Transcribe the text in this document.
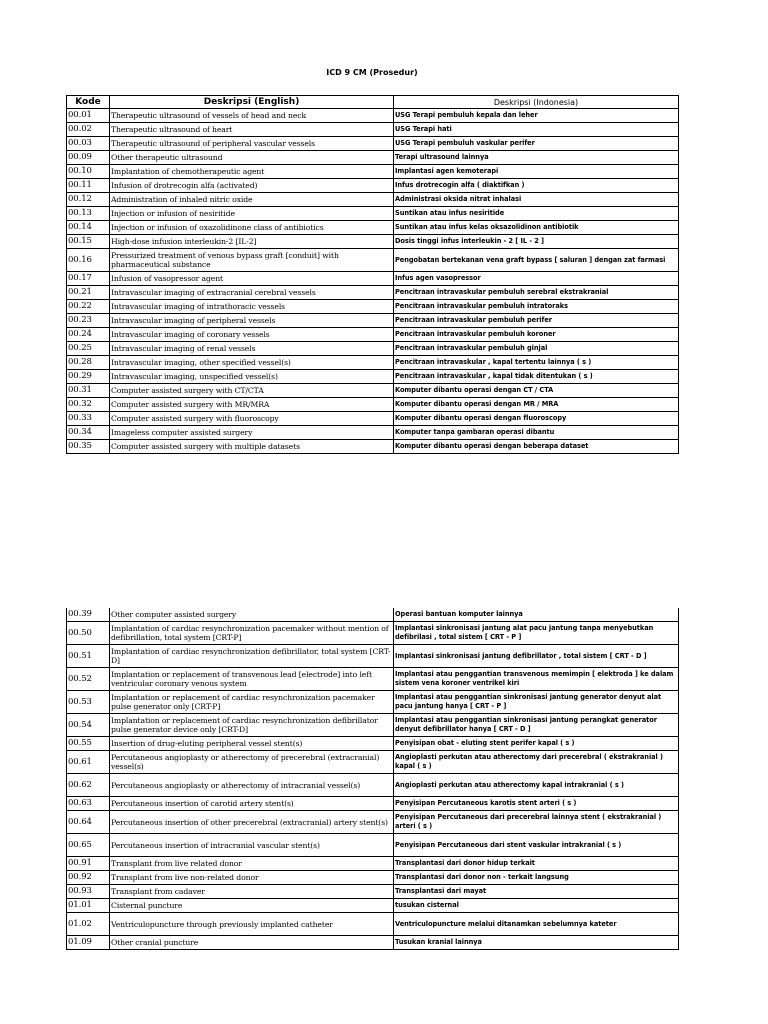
ICD 9 CM (Prosedur)
Kode	Deskripsi (English)	Deskripsi (Indonesia)
00.01	Therapeutic ultrasound of vessels of head and neck	USG Terapi pembuluh kepala dan leher
00.02	Therapeutic ultrasound of heart	USG Terapi hati
00.03	Therapeutic ultrasound of peripheral vascular vessels	USG Terapi pembuluh vaskular perifer
00.09	Other therapeutic ultrasound	Terapi ultrasound lainnya
00.10	Implantation of chemotherapeutic agent	Implantasi agen kemoterapi
00.11	Infusion of drotrecogin alfa (activated)	Infus drotrecogin alfa ( diaktifkan )
00.12	Administration of inhaled nitric oxide	Administrasi oksida nitrat inhalasi
00.13	Injection or infusion of nesiritide	Suntikan atau infus nesiritide
00.14	Injection or infusion of oxazolidinone class of antibiotics	Suntikan atau infus kelas oksazolidinon antibiotik
00.15	High-dose infusion interleukin-2 [IL-2]	Dosis tinggi infus interleukin - 2 [ IL - 2 ]
00.16	Pressurized treatment of venous bypass graft [conduit] with pharmaceutical substance	Pengobatan bertekanan vena graft bypass [ saluran ] dengan zat farmasi
00.17	Infusion of vasopressor agent	Infus agen vasopressor
00.21	Intravascular imaging of extracranial cerebral vessels	Pencitraan intravaskular pembuluh serebral ekstrakranial
00.22	Intravascular imaging of intrathoracic vessels	Pencitraan intravaskular pembuluh intratoraks
00.23	Intravascular imaging of peripheral vessels	Pencitraan intravaskular pembuluh perifer
00.24	Intravascular imaging of coronary vessels	Pencitraan intravaskular pembuluh koroner
00.25	Intravascular imaging of renal vessels	Pencitraan intravaskular pembuluh ginjal
00.28	Intravascular imaging, other specified vessel(s)	Pencitraan intravaskular , kapal tertentu lainnya ( s )
00.29	Intravascular imaging, unspecified vessel(s)	Pencitraan intravaskular , kapal tidak ditentukan ( s )
00.31	Computer assisted surgery with CT/CTA	Komputer dibantu operasi dengan CT / CTA
00.32	Computer assisted surgery with MR/MRA	Komputer dibantu operasi dengan MR / MRA
00.33	Computer assisted surgery with fluoroscopy	Komputer dibantu operasi dengan fluoroscopy
00.34	Imageless computer assisted surgery	Komputer tanpa gambaran operasi dibantu
00.35	Computer assisted surgery with multiple datasets	Komputer dibantu operasi dengan beberapa dataset
00.39	Other computer assisted surgery	Operasi bantuan komputer lainnya
00.50	Implantation of cardiac resynchronization pacemaker without mention of defibrillation, total system [CRT-P]	Implantasi sinkronisasi jantung alat pacu jantung tanpa menyebutkan defibrilasi , total sistem [ CRT - P ]
00.51	Implantation of cardiac resynchronization defibrillator, total system [CRT-D]	Implantasi sinkronisasi jantung defibrillator , total sistem [ CRT - D ]
00.52	Implantation or replacement of transvenous lead [electrode] into left ventricular coronary venous system	Implantasi atau penggantian transvenous memimpin [ elektroda ] ke dalam sistem vena koroner ventrikel kiri
00.53	Implantation or replacement of cardiac resynchronization pacemaker pulse generator only [CRT-P]	Implantasi atau penggantian sinkronisasi jantung generator denyut alat pacu jantung hanya [ CRT - P ]
00.54	Implantation or replacement of cardiac resynchronization defibrillator pulse generator device only [CRT-D]	Implantasi atau penggantian sinkronisasi jantung perangkat generator denyut defibrillator hanya [ CRT - D ]
00.55	Insertion of drug-eluting peripheral vessel stent(s)	Penyisipan obat - eluting stent perifer kapal ( s )
00.61	Percutaneous angioplasty or atherectomy of precerebral (extracranial) vessel(s)	Angioplasti perkutan atau atherectomy dari precerebral ( ekstrakranial ) kapal ( s )
00.62	Percutaneous angioplasty or atherectomy of intracranial vessel(s)	Angioplasti perkutan atau atherectomy kapal intrakranial ( s )
00.63	Percutaneous insertion of carotid artery stent(s)	Penyisipan Percutaneous karotis stent arteri ( s )
00.64	Percutaneous insertion of other precerebral (extracranial) artery stent(s)	Penyisipan Percutaneous dari precerebral lainnya stent ( ekstrakranial ) arteri ( s )
00.65	Percutaneous insertion of intracranial vascular stent(s)	Penyisipan Percutaneous dari stent vaskular intrakranial ( s )
00.91	Transplant from live related donor	Transplantasi dari donor hidup terkait
00.92	Transplant from live non-related donor	Transplantasi dari donor non - terkait langsung
00.93	Transplant from cadaver	Transplantasi dari mayat
01.01	Cisternal puncture	tusukan cisternal
01.02	Ventriculopuncture through previously implanted catheter	Ventriculopuncture melalui ditanamkan sebelumnya kateter
01.09	Other cranial puncture	Tusukan kranial lainnya
